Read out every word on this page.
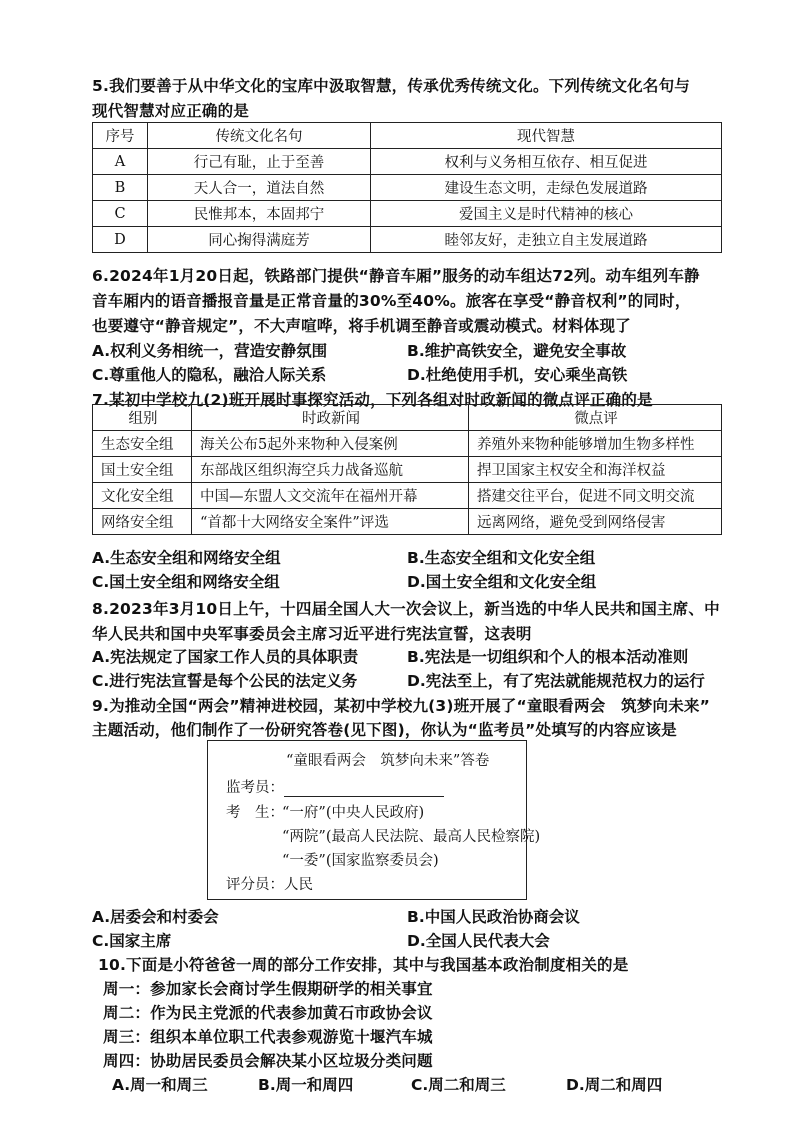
5.我们要善于从中华文化的宝库中汲取智慧，传承优秀传统文化。下列传统文化名句与
现代智慧对应正确的是
序号	传统文化名句	现代智慧
A	行己有耻，止于至善	权利与义务相互依存、相互促进
B	天人合一，道法自然	建设生态文明，走绿色发展道路
C	民惟邦本，本固邦宁	爱国主义是时代精神的核心
D	同心掬得满庭芳	睦邻友好，走独立自主发展道路
6.2024年1月20日起，铁路部门提供“静音车厢”服务的动车组达72列。动车组列车静
音车厢内的语音播报音量是正常音量的30%至40%。旅客在享受“静音权利”的同时，
也要遵守“静音规定”，不大声喧哗，将手机调至静音或震动模式。材料体现了
A.权利义务相统一，营造安静氛围	B.维护高铁安全，避免安全事故
C.尊重他人的隐私，融洽人际关系	D.杜绝使用手机，安心乘坐高铁
7.某初中学校九(2)班开展时事探究活动，下列各组对时政新闻的微点评正确的是
组别	时政新闻	微点评
生态安全组	海关公布5起外来物种入侵案例	养殖外来物种能够增加生物多样性
国土安全组	东部战区组织海空兵力战备巡航	捍卫国家主权安全和海洋权益
文化安全组	中国—东盟人文交流年在福州开幕	搭建交往平台，促进不同文明交流
网络安全组	“首都十大网络安全案件”评选	远离网络，避免受到网络侵害
A.生态安全组和网络安全组	B.生态安全组和文化安全组
C.国土安全组和网络安全组	D.国土安全组和文化安全组
8.2023年3月10日上午，十四届全国人大一次会议上，新当选的中华人民共和国主席、中
华人民共和国中央军事委员会主席习近平进行宪法宣誓，这表明
A.宪法规定了国家工作人员的具体职责	B.宪法是一切组织和个人的根本活动准则
C.进行宪法宣誓是每个公民的法定义务	D.宪法至上，有了宪法就能规范权力的运行
9.为推动全国“两会”精神进校园，某初中学校九(3)班开展了“童眼看两会　筑梦向未来”
主题活动，他们制作了一份研究答卷(见下图)，你认为“监考员”处填写的内容应该是
“童眼看两会　筑梦向未来”答卷
监考员：
考　生：
“一府”(中央人民政府)
“两院”(最高人民法院、最高人民检察院)
“一委”(国家监察委员会)
评分员：人民
A.居委会和村委会	B.中国人民政治协商会议
C.国家主席	D.全国人民代表大会
10.下面是小符爸爸一周的部分工作安排，其中与我国基本政治制度相关的是
周一：参加家长会商讨学生假期研学的相关事宜
周二：作为民主党派的代表参加黄石市政协会议
周三：组织本单位职工代表参观游览十堰汽车城
周四：协助居民委员会解决某小区垃圾分类问题
A.周一和周三	B.周一和周四	C.周二和周三	D.周二和周四
